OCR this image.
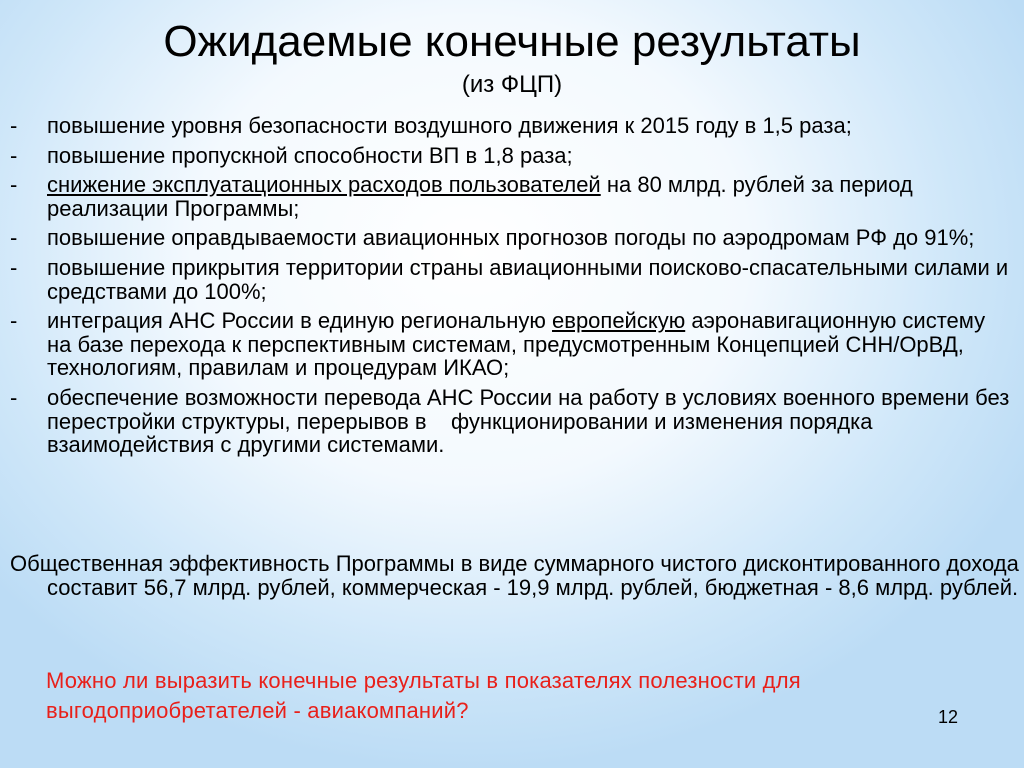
Ожидаемые конечные результаты
(из ФЦП)
-	повышение уровня безопасности воздушного движения к 2015 году в 1,5 раза;
-	повышение пропускной способности ВП в 1,8 раза;
-	снижение эксплуатационных расходов пользователей на 80 млрд. рублей за период реализации Программы;
-	повышение оправдываемости авиационных прогнозов погоды по аэродромам РФ до 91%;
-	повышение прикрытия территории страны авиационными поисково-спасательными силами и средствами до 100%;
-	интеграция АНС России в единую региональную европейскую аэронавигационную систему на базе перехода к перспективным системам, предусмотренным Концепцией СНН/ОрВД, технологиям, правилам и процедурам ИКАО;
-	обеспечение возможности перевода АНС России на работу в условиях военного времени без перестройки структуры, перерывов в    функционировании и изменения порядка взаимодействия с другими системами.
Общественная эффективность Программы в виде суммарного чистого дисконтированного дохода составит 56,7 млрд. рублей, коммерческая - 19,9 млрд. рублей, бюджетная - 8,6 млрд. рублей.
Можно ли выразить конечные результаты в показателях полезности для выгодоприобретателей - авиакомпаний?	12
